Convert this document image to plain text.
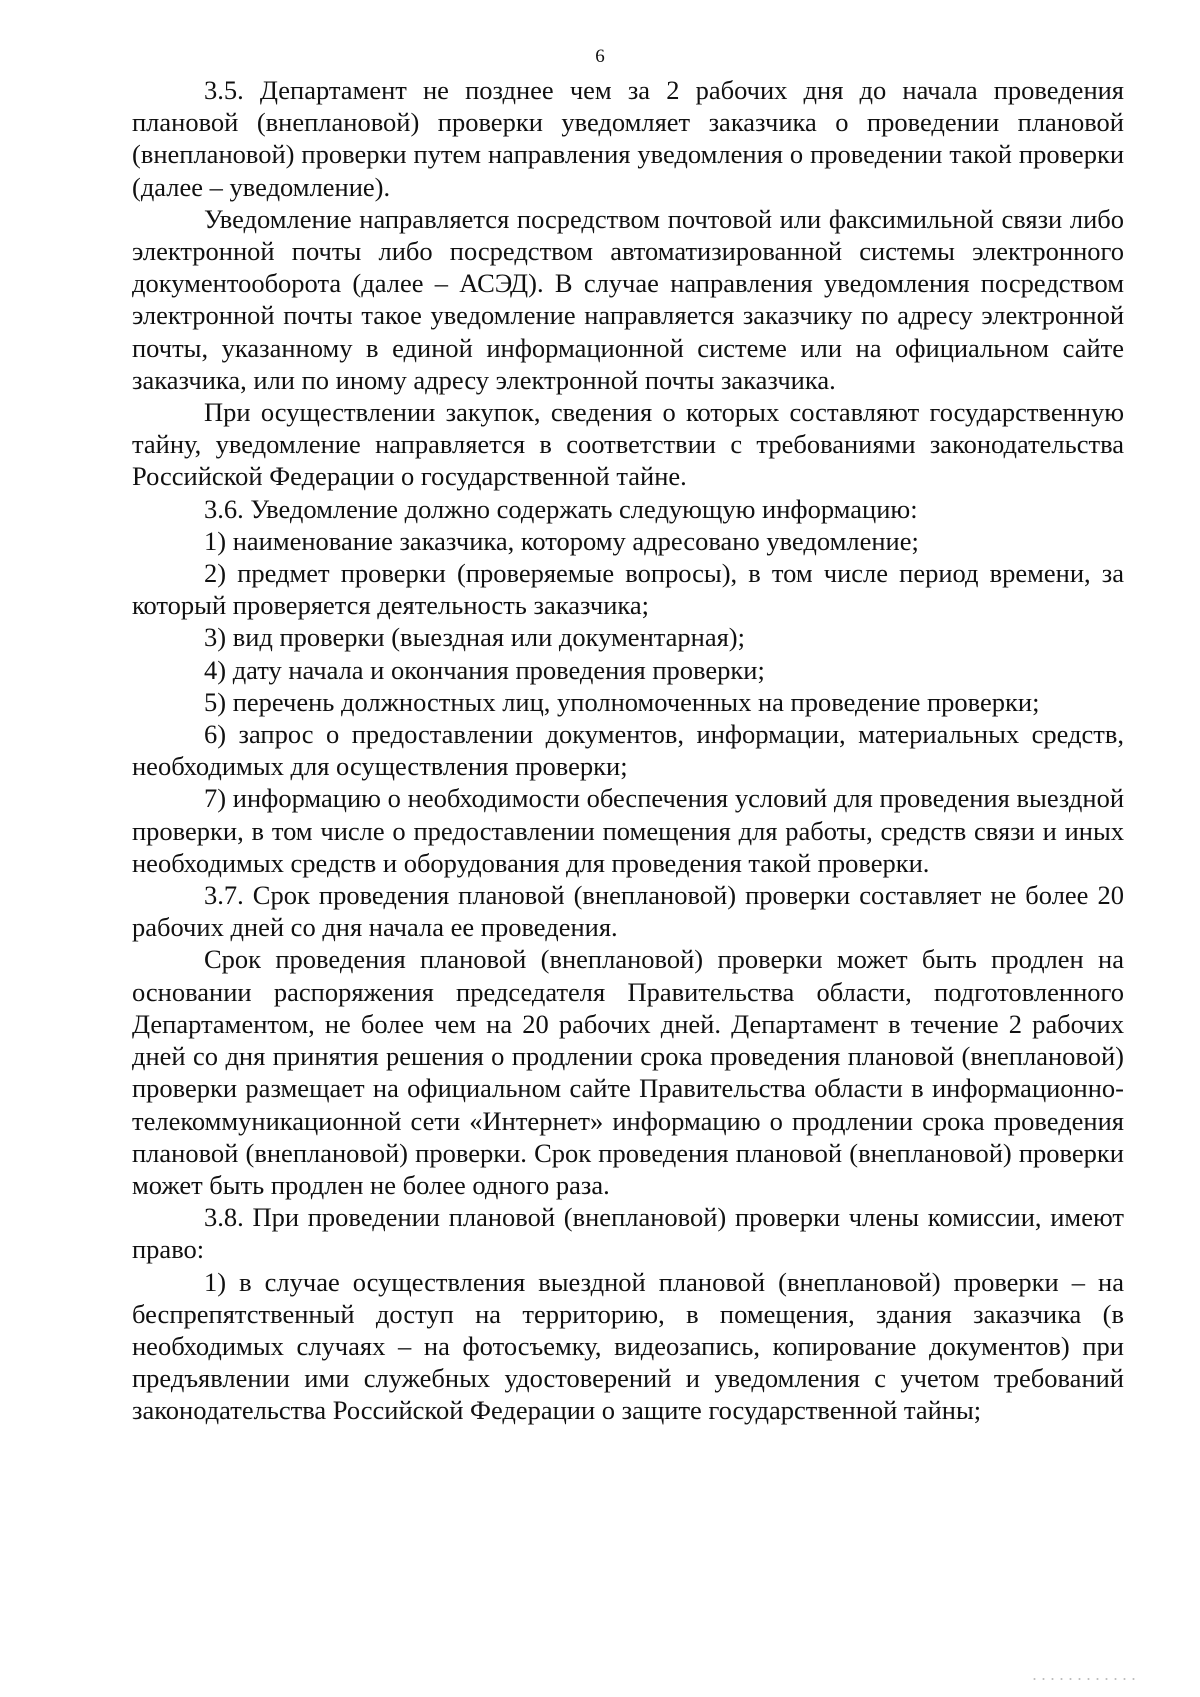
6

3.5. Департамент не позднее чем за 2 рабочих дня до начала проведения плановой (внеплановой) проверки уведомляет заказчика о проведении плановой (внеплановой) проверки путем направления уведомления о проведении такой проверки (далее – уведомление).

Уведомление направляется посредством почтовой или факсимильной связи либо электронной почты либо посредством автоматизированной системы электронного документооборота (далее – АСЭД). В случае направления уведомления посредством электронной почты такое уведомление направляется заказчику по адресу электронной почты, указанному в единой информационной системе или на официальном сайте заказчика, или по иному адресу электронной почты заказчика.

При осуществлении закупок, сведения о которых составляют государственную тайну, уведомление направляется в соответствии с требованиями законодательства Российской Федерации о государственной тайне.

3.6. Уведомление должно содержать следующую информацию:

1) наименование заказчика, которому адресовано уведомление;

2) предмет проверки (проверяемые вопросы), в том числе период времени, за который проверяется деятельность заказчика;

3) вид проверки (выездная или документарная);

4) дату начала и окончания проведения проверки;

5) перечень должностных лиц, уполномоченных на проведение проверки;

6) запрос о предоставлении документов, информации, материальных средств, необходимых для осуществления проверки;

7) информацию о необходимости обеспечения условий для проведения выездной проверки, в том числе о предоставлении помещения для работы, средств связи и иных необходимых средств и оборудования для проведения такой проверки.

3.7. Срок проведения плановой (внеплановой) проверки составляет не более 20 рабочих дней со дня начала ее проведения.

Срок проведения плановой (внеплановой) проверки может быть продлен на основании распоряжения председателя Правительства области, подготовленного Департаментом, не более чем на 20 рабочих дней. Департамент в течение 2 рабочих дней со дня принятия решения о продлении срока проведения плановой (внеплановой) проверки размещает на официальном сайте Правительства области в информационно-телекоммуникационной сети «Интернет» информацию о продлении срока проведения плановой (внеплановой) проверки. Срок проведения плановой (внеплановой) проверки может быть продлен не более одного раза.

3.8. При проведении плановой (внеплановой) проверки члены комиссии, имеют право:

1) в случае осуществления выездной плановой (внеплановой) проверки – на беспрепятственный доступ на территорию, в помещения, здания заказчика (в необходимых случаях – на фотосъемку, видеозапись, копирование документов) при предъявлении ими служебных удостоверений и уведомления с учетом требований законодательства Российской Федерации о защите государственной тайны;
